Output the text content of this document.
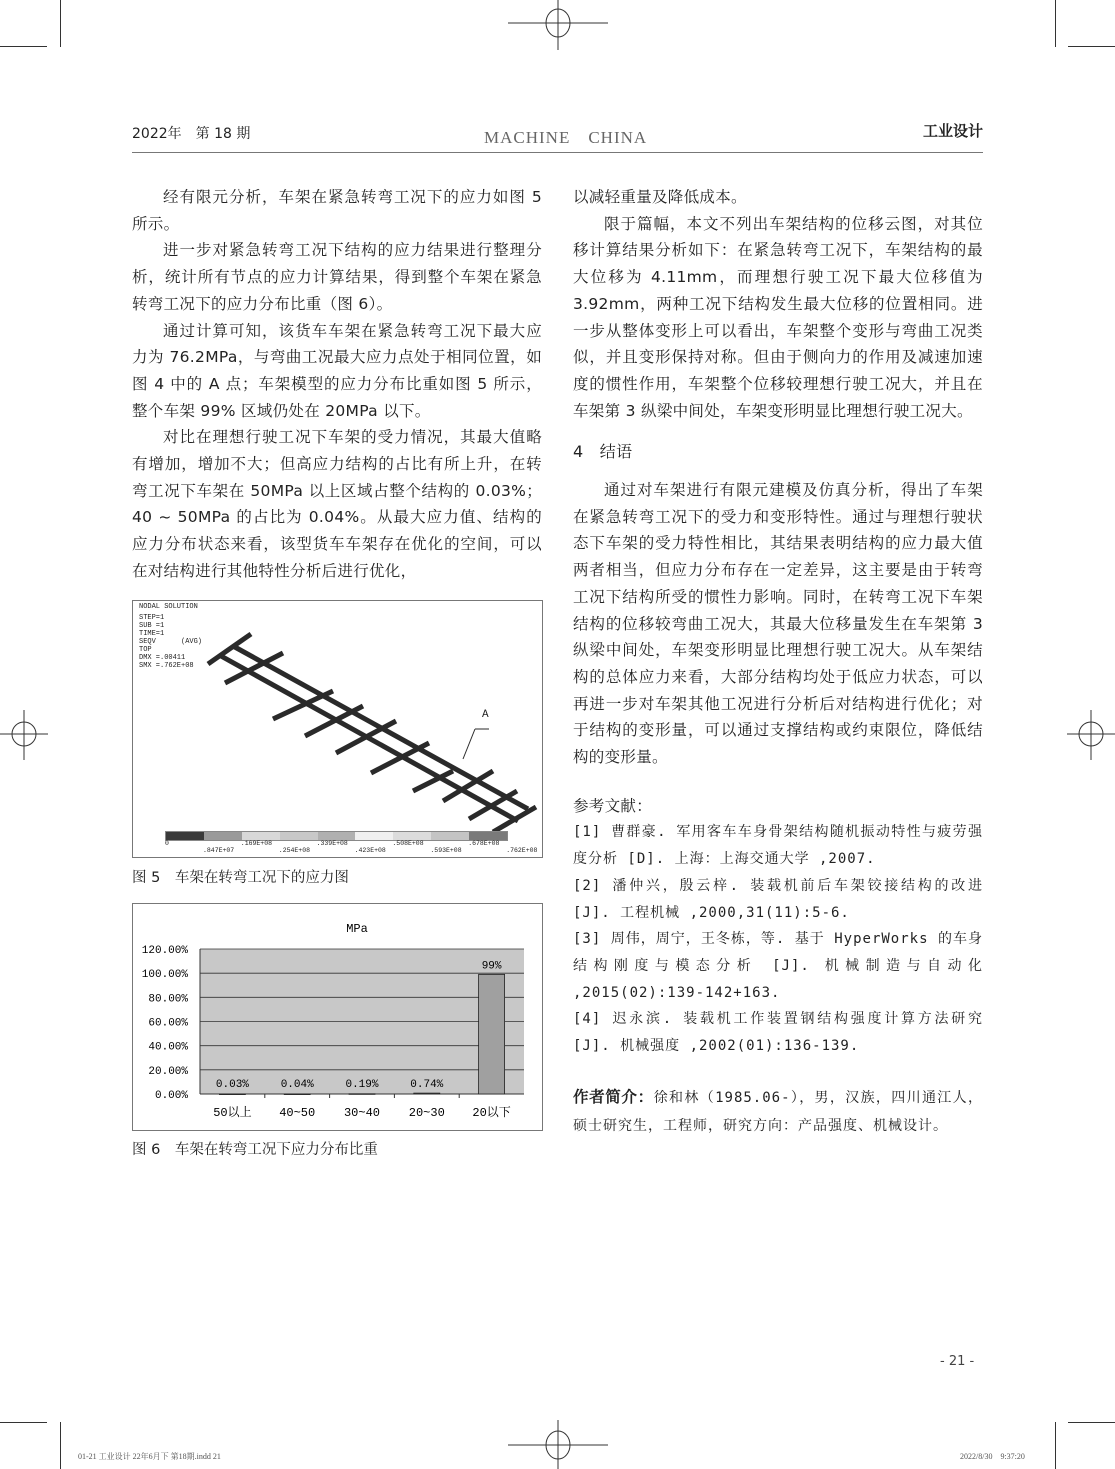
2022年　第 18 期	MACHINE　CHINA	工业设计

经有限元分析，车架在紧急转弯工况下的应力如图 5 所示。

进一步对紧急转弯工况下结构的应力结果进行整理分析，统计所有节点的应力计算结果，得到整个车架在紧急转弯工况下的应力分布比重（图 6）。

通过计算可知，该货车车架在紧急转弯工况下最大应力为 76.2MPa，与弯曲工况最大应力点处于相同位置，如图 4 中的 A 点；车架模型的应力分布比重如图 5 所示，整个车架 99% 区域仍处在 20MPa 以下。

对比在理想行驶工况下车架的受力情况，其最大值略有增加，增加不大；但高应力结构的占比有所上升，在转弯工况下车架在 50MPa 以上区域占整个结构的 0.03%；40 ~ 50MPa 的占比为 0.04%。从最大应力值、结构的应力分布状态来看，该型货车车架存在优化的空间，可以在对结构进行其他特性分析后进行优化，

NODAL SOLUTION
STEP=1
SUB =1
TIME=1
SEQV      (AVG)
TOP
DMX =.00411
SMX =.762E+08
A
0	.169E+08	.339E+08	.508E+08	.678E+08
.847E+07	.254E+08	.423E+08	.593E+08	.762E+08
图 5　车架在转弯工况下的应力图
0.00%
20.00%
40.00%
60.00%
80.00%
100.00%
120.00%
MPa
0.03%
50以上
0.04%
40~50
0.19%
30~40
0.74%
20~30
99%
20以下
图 6　车架在转弯工况下应力分布比重

以减轻重量及降低成本。

限于篇幅，本文不列出车架结构的位移云图，对其位移计算结果分析如下：在紧急转弯工况下，车架结构的最大位移为 4.11mm，而理想行驶工况下最大位移值为 3.92mm，两种工况下结构发生最大位移的位置相同。进一步从整体变形上可以看出，车架整个变形与弯曲工况类似，并且变形保持对称。但由于侧向力的作用及减速加速度的惯性作用，车架整个位移较理想行驶工况大，并且在车架第 3 纵梁中间处，车架变形明显比理想行驶工况大。

4　结语

通过对车架进行有限元建模及仿真分析，得出了车架在紧急转弯工况下的受力和变形特性。通过与理想行驶状态下车架的受力特性相比，其结果表明结构的应力最大值两者相当，但应力分布存在一定差异，这主要是由于转弯工况下结构所受的惯性力影响。同时，在转弯工况下车架结构的位移较弯曲工况大，其最大位移量发生在车架第 3 纵梁中间处，车架变形明显比理想行驶工况大。从车架结构的总体应力来看，大部分结构均处于低应力状态，可以再进一步对车架其他工况进行分析后对结构进行优化；对于结构的变形量，可以通过支撑结构或约束限位，降低结构的变形量。

参考文献：

[1] 曹群豪. 军用客车车身骨架结构随机振动特性与疲劳强度分析 [D]. 上海：上海交通大学 ,2007.

[2] 潘仲兴，殷云梓. 装载机前后车架铰接结构的改进 [J]. 工程机械 ,2000,31(11):5-6.

[3] 周伟，周宁，王冬栋，等. 基于 HyperWorks 的车身结构刚度与模态分析 [J]. 机械制造与自动化 ,2015(02):139-142+163.

[4] 迟永滨. 装载机工作装置钢结构强度计算方法研究 [J]. 机械强度 ,2002(01):136-139.

作者简介：徐和林（1985.06-），男，汉族，四川通江人，硕士研究生，工程师，研究方向：产品强度、机械设计。

- 21 -
01-21 工业设计 22年6月下 第18期.indd 21	2022/8/30　9:37:20
